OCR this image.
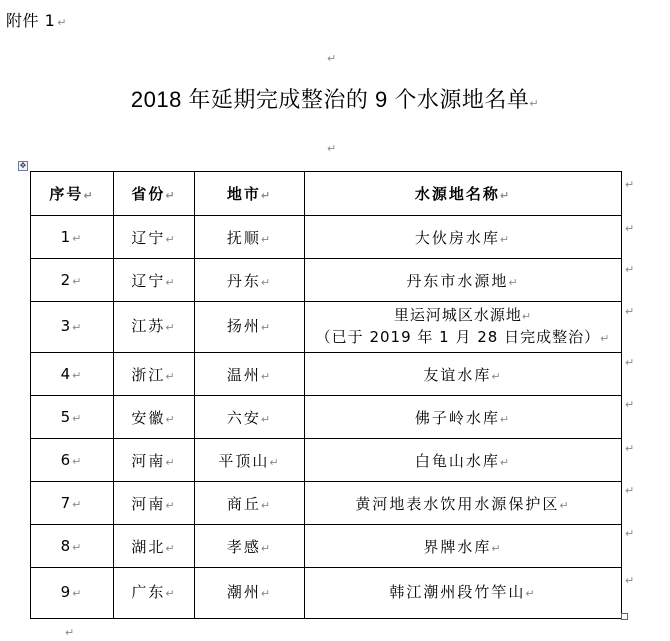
附件 1 ↵
↵
2018 年延期完成整治的 9 个水源地名单↵
↵
✥
序号↵	省份↵	地市↵	水源地名称↵
1↵	辽宁↵	抚顺↵	大伙房水库↵
2↵	辽宁↵	丹东↵	丹东市水源地↵
3↵	江苏↵	扬州↵	里运河城区水源地↵
（已于 2019 年 1 月 28 日完成整治）↵

4↵	浙江↵	温州↵	友谊水库↵
5↵	安徽↵	六安↵	佛子岭水库↵
6↵	河南↵	平顶山↵	白龟山水库↵
7↵	河南↵	商丘↵	黄河地表水饮用水源保护区↵
8↵	湖北↵	孝感↵	界牌水库↵
9↵	广东↵	潮州↵	韩江潮州段竹竿山↵
↵
↵
↵
↵
↵
↵
↵
↵
↵
↵
↵
